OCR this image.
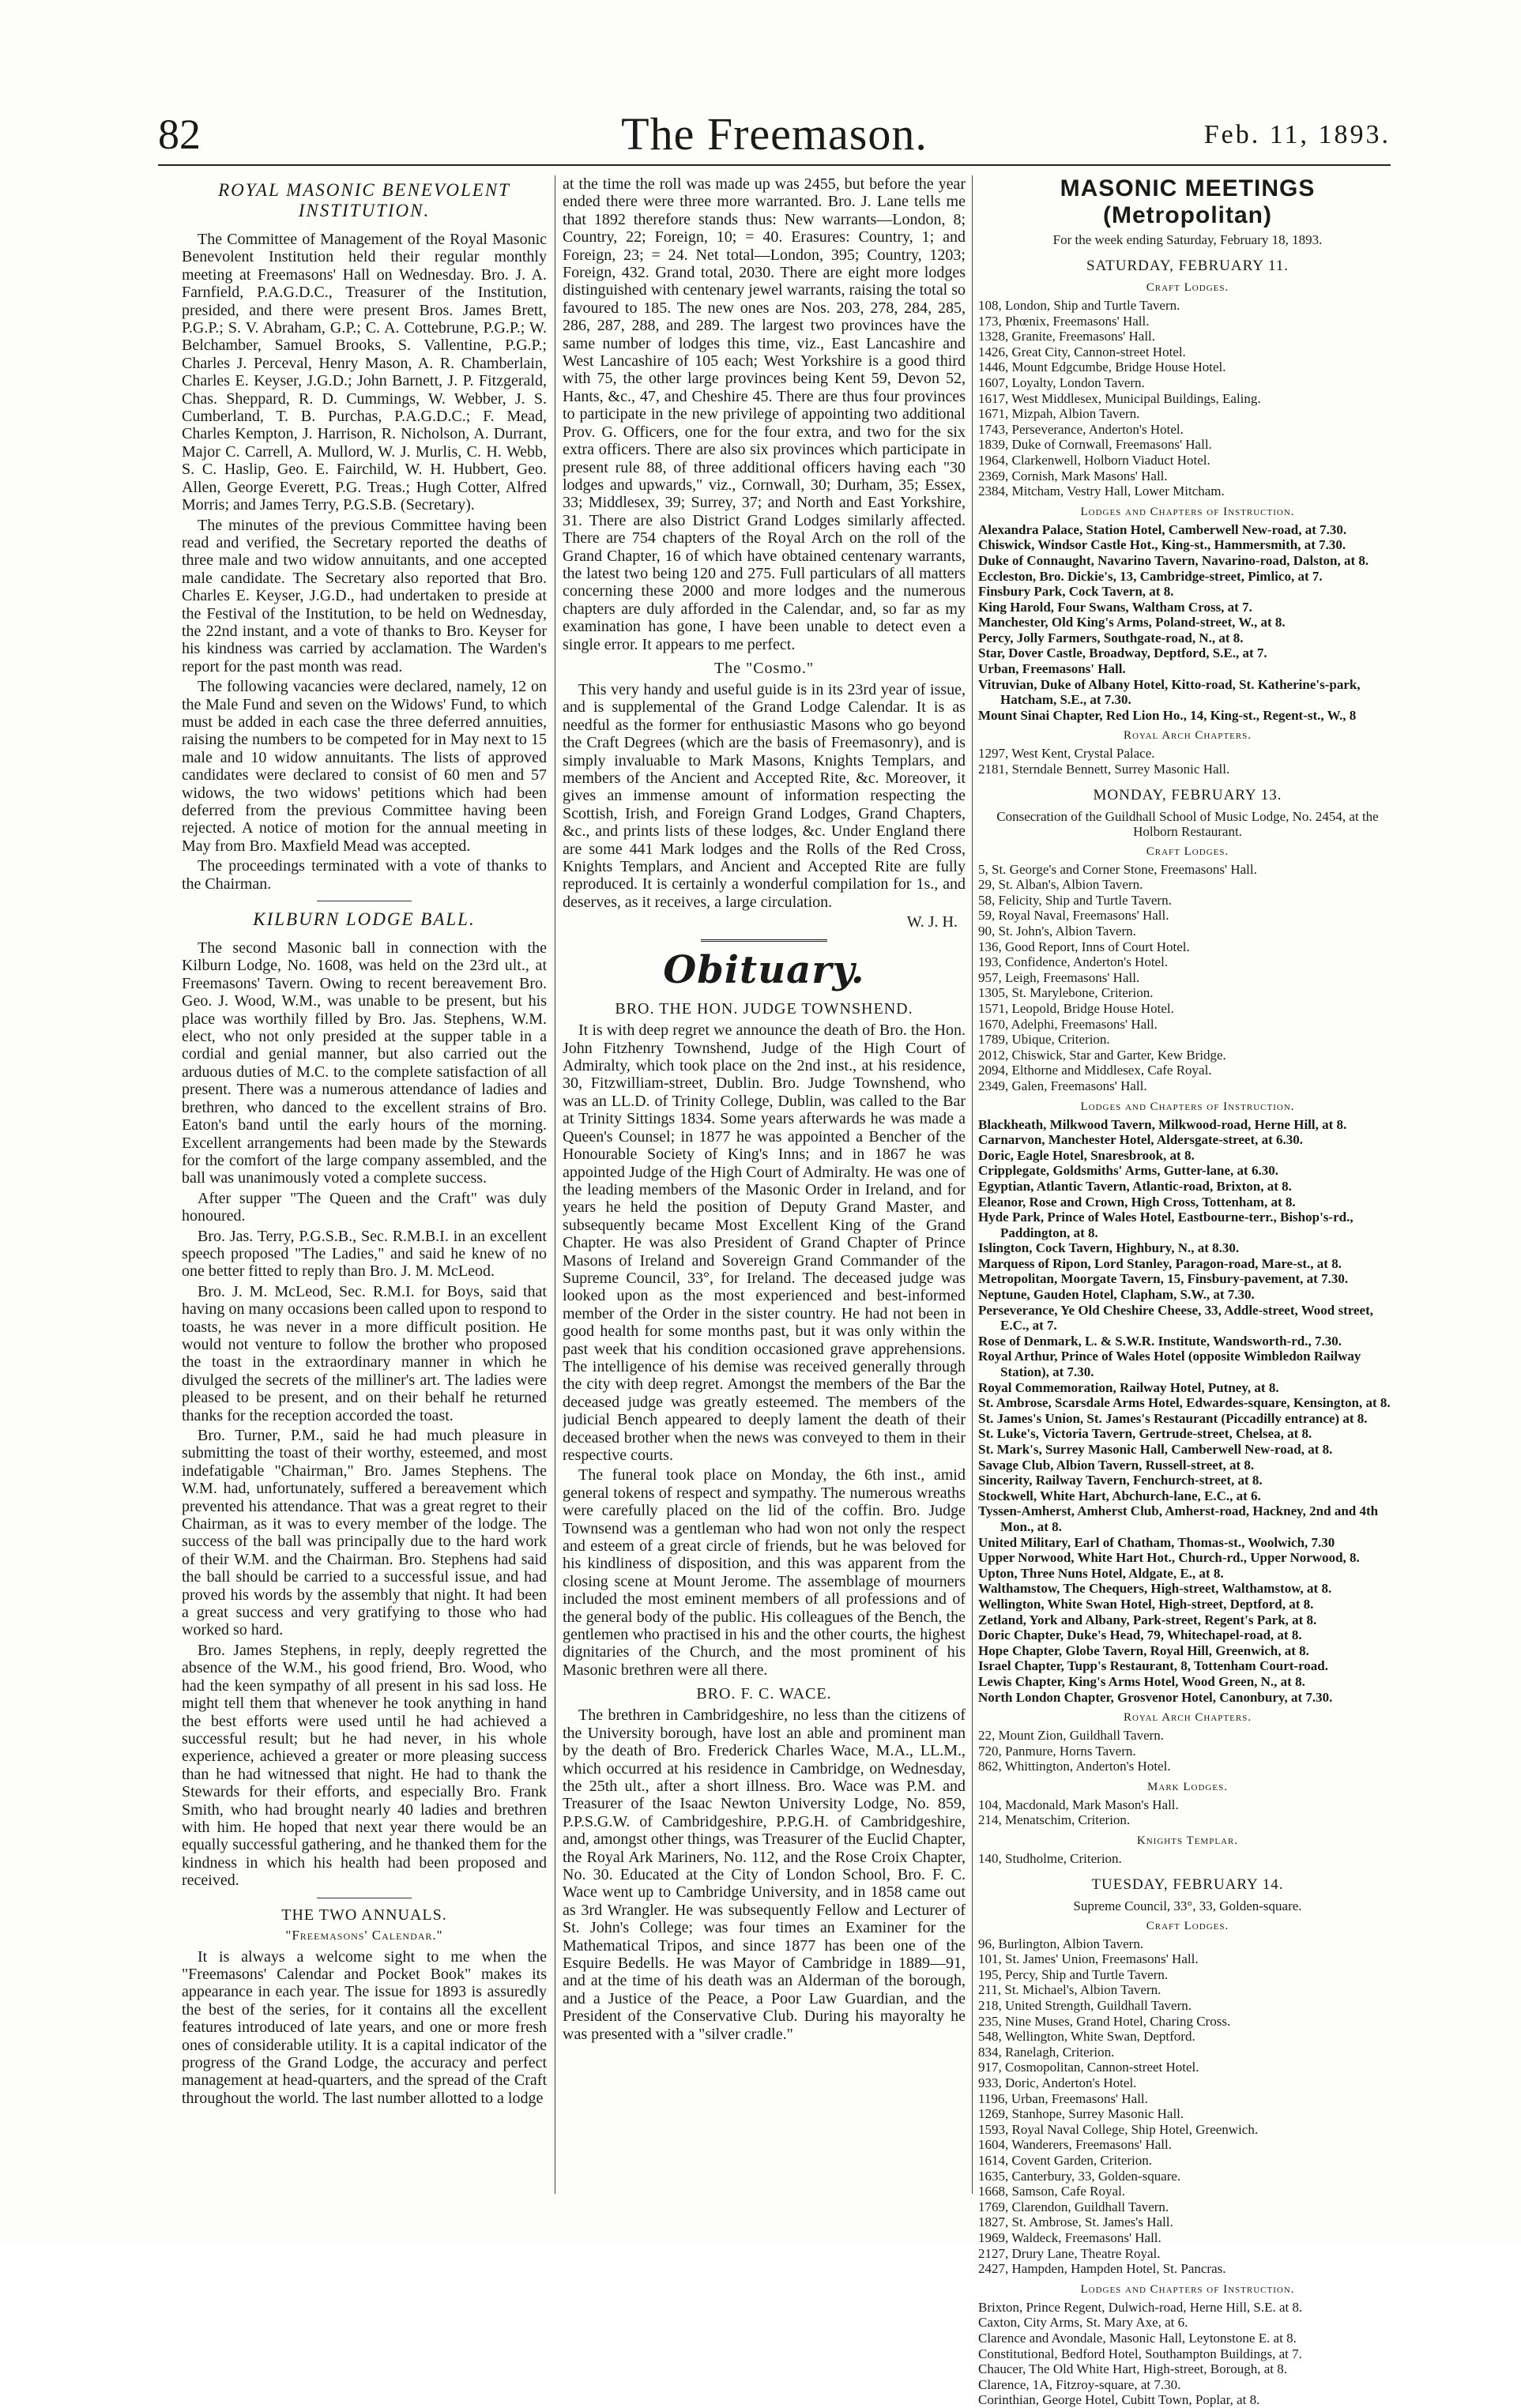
The Freemason.
82	Feb. 11, 1893.
ROYAL MASONIC BENEVOLENT INSTITUTION.

The Committee of Management of the Royal Masonic Benevolent Institution held their regular monthly meeting at Freemasons' Hall on Wednesday. Bro. J. A. Farnfield, P.A.G.D.C., Treasurer of the Institution, presided, and there were present Bros. James Brett, P.G.P.; S. V. Abraham, G.P.; C. A. Cottebrune, P.G.P.; W. Belchamber, Samuel Brooks, S. Vallentine, P.G.P.; Charles J. Perceval, Henry Mason, A. R. Chamberlain, Charles E. Keyser, J.G.D.; John Barnett, J. P. Fitzgerald, Chas. Sheppard, R. D. Cummings, W. Webber, J. S. Cumberland, T. B. Purchas, P.A.G.D.C.; F. Mead, Charles Kempton, J. Harrison, R. Nicholson, A. Durrant, Major C. Carrell, A. Mullord, W. J. Murlis, C. H. Webb, S. C. Haslip, Geo. E. Fairchild, W. H. Hubbert, Geo. Allen, George Everett, P.G. Treas.; Hugh Cotter, Alfred Morris; and James Terry, P.G.S.B. (Secretary).

The minutes of the previous Committee having been read and verified, the Secretary reported the deaths of three male and two widow annuitants, and one accepted male candidate. The Secretary also reported that Bro. Charles E. Keyser, J.G.D., had undertaken to preside at the Festival of the Institution, to be held on Wednesday, the 22nd instant, and a vote of thanks to Bro. Keyser for his kindness was carried by acclamation. The Warden's report for the past month was read.

The following vacancies were declared, namely, 12 on the Male Fund and seven on the Widows' Fund, to which must be added in each case the three deferred annuities, raising the numbers to be competed for in May next to 15 male and 10 widow annuitants. The lists of approved candidates were declared to consist of 60 men and 57 widows, the two widows' petitions which had been deferred from the previous Committee having been rejected. A notice of motion for the annual meeting in May from Bro. Maxfield Mead was accepted.

The proceedings terminated with a vote of thanks to the Chairman.

KILBURN LODGE BALL.

The second Masonic ball in connection with the Kilburn Lodge, No. 1608, was held on the 23rd ult., at Freemasons' Tavern. Owing to recent bereavement Bro. Geo. J. Wood, W.M., was unable to be present, but his place was worthily filled by Bro. Jas. Stephens, W.M. elect, who not only presided at the supper table in a cordial and genial manner, but also carried out the arduous duties of M.C. to the complete satisfaction of all present. There was a numerous attendance of ladies and brethren, who danced to the excellent strains of Bro. Eaton's band until the early hours of the morning. Excellent arrangements had been made by the Stewards for the comfort of the large company assembled, and the ball was unanimously voted a complete success.

After supper "The Queen and the Craft" was duly honoured.

Bro. Jas. Terry, P.G.S.B., Sec. R.M.B.I. in an excellent speech proposed "The Ladies," and said he knew of no one better fitted to reply than Bro. J. M. McLeod.

Bro. J. M. McLeod, Sec. R.M.I. for Boys, said that having on many occasions been called upon to respond to toasts, he was never in a more difficult position. He would not venture to follow the brother who proposed the toast in the extraordinary manner in which he divulged the secrets of the milliner's art. The ladies were pleased to be present, and on their behalf he returned thanks for the reception accorded the toast.

Bro. Turner, P.M., said he had much pleasure in submitting the toast of their worthy, esteemed, and most indefatigable "Chairman," Bro. James Stephens. The W.M. had, unfortunately, suffered a bereavement which prevented his attendance. That was a great regret to their Chairman, as it was to every member of the lodge. The success of the ball was principally due to the hard work of their W.M. and the Chairman. Bro. Stephens had said the ball should be carried to a successful issue, and had proved his words by the assembly that night. It had been a great success and very gratifying to those who had worked so hard.

Bro. James Stephens, in reply, deeply regretted the absence of the W.M., his good friend, Bro. Wood, who had the keen sympathy of all present in his sad loss. He might tell them that whenever he took anything in hand the best efforts were used until he had achieved a successful result; but he had never, in his whole experience, achieved a greater or more pleasing success than he had witnessed that night. He had to thank the Stewards for their efforts, and especially Bro. Frank Smith, who had brought nearly 40 ladies and brethren with him. He hoped that next year there would be an equally successful gathering, and he thanked them for the kindness in which his health had been proposed and received.

THE TWO ANNUALS.
"Freemasons' Calendar."

It is always a welcome sight to me when the "Freemasons' Calendar and Pocket Book" makes its appearance in each year. The issue for 1893 is assuredly the best of the series, for it contains all the excellent features introduced of late years, and one or more fresh ones of considerable utility. It is a capital indicator of the progress of the Grand Lodge, the accuracy and perfect management at head-quarters, and the spread of the Craft throughout the world. The last number allotted to a lodge

at the time the roll was made up was 2455, but before the year ended there were three more warranted. Bro. J. Lane tells me that 1892 therefore stands thus: New warrants—London, 8; Country, 22; Foreign, 10; = 40. Erasures: Country, 1; and Foreign, 23; = 24. Net total—London, 395; Country, 1203; Foreign, 432. Grand total, 2030. There are eight more lodges distinguished with centenary jewel warrants, raising the total so favoured to 185. The new ones are Nos. 203, 278, 284, 285, 286, 287, 288, and 289. The largest two provinces have the same number of lodges this time, viz., East Lancashire and West Lancashire of 105 each; West Yorkshire is a good third with 75, the other large provinces being Kent 59, Devon 52, Hants, &c., 47, and Cheshire 45. There are thus four provinces to participate in the new privilege of appointing two additional Prov. G. Officers, one for the four extra, and two for the six extra officers. There are also six provinces which participate in present rule 88, of three additional officers having each "30 lodges and upwards," viz., Cornwall, 30; Durham, 35; Essex, 33; Middlesex, 39; Surrey, 37; and North and East Yorkshire, 31. There are also District Grand Lodges similarly affected. There are 754 chapters of the Royal Arch on the roll of the Grand Chapter, 16 of which have obtained centenary warrants, the latest two being 120 and 275. Full particulars of all matters concerning these 2000 and more lodges and the numerous chapters are duly afforded in the Calendar, and, so far as my examination has gone, I have been unable to detect even a single error. It appears to me perfect.

The "Cosmo."

This very handy and useful guide is in its 23rd year of issue, and is supplemental of the Grand Lodge Calendar. It is as needful as the former for enthusiastic Masons who go beyond the Craft Degrees (which are the basis of Freemasonry), and is simply invaluable to Mark Masons, Knights Templars, and members of the Ancient and Accepted Rite, &c. Moreover, it gives an immense amount of information respecting the Scottish, Irish, and Foreign Grand Lodges, Grand Chapters, &c., and prints lists of these lodges, &c. Under England there are some 441 Mark lodges and the Rolls of the Red Cross, Knights Templars, and Ancient and Accepted Rite are fully reproduced. It is certainly a wonderful compilation for 1s., and deserves, as it receives, a large circulation.

W. J. H.
Obituary.
BRO. THE HON. JUDGE TOWNSHEND.

It is with deep regret we announce the death of Bro. the Hon. John Fitzhenry Townshend, Judge of the High Court of Admiralty, which took place on the 2nd inst., at his residence, 30, Fitzwilliam-street, Dublin. Bro. Judge Townshend, who was an LL.D. of Trinity College, Dublin, was called to the Bar at Trinity Sittings 1834. Some years afterwards he was made a Queen's Counsel; in 1877 he was appointed a Bencher of the Honourable Society of King's Inns; and in 1867 he was appointed Judge of the High Court of Admiralty. He was one of the leading members of the Masonic Order in Ireland, and for years he held the position of Deputy Grand Master, and subsequently became Most Excellent King of the Grand Chapter. He was also President of Grand Chapter of Prince Masons of Ireland and Sovereign Grand Commander of the Supreme Council, 33°, for Ireland. The deceased judge was looked upon as the most experienced and best-informed member of the Order in the sister country. He had not been in good health for some months past, but it was only within the past week that his condition occasioned grave apprehensions. The intelligence of his demise was received generally through the city with deep regret. Amongst the members of the Bar the deceased judge was greatly esteemed. The members of the judicial Bench appeared to deeply lament the death of their deceased brother when the news was conveyed to them in their respective courts.

The funeral took place on Monday, the 6th inst., amid general tokens of respect and sympathy. The numerous wreaths were carefully placed on the lid of the coffin. Bro. Judge Townsend was a gentleman who had won not only the respect and esteem of a great circle of friends, but he was beloved for his kindliness of disposition, and this was apparent from the closing scene at Mount Jerome. The assemblage of mourners included the most eminent members of all professions and of the general body of the public. His colleagues of the Bench, the gentlemen who practised in his and the other courts, the highest dignitaries of the Church, and the most prominent of his Masonic brethren were all there.

BRO. F. C. WACE.

The brethren in Cambridgeshire, no less than the citizens of the University borough, have lost an able and prominent man by the death of Bro. Frederick Charles Wace, M.A., LL.M., which occurred at his residence in Cambridge, on Wednesday, the 25th ult., after a short illness. Bro. Wace was P.M. and Treasurer of the Isaac Newton University Lodge, No. 859, P.P.S.G.W. of Cambridgeshire, P.P.G.H. of Cambridgeshire, and, amongst other things, was Treasurer of the Euclid Chapter, the Royal Ark Mariners, No. 112, and the Rose Croix Chapter, No. 30. Educated at the City of London School, Bro. F. C. Wace went up to Cambridge University, and in 1858 came out as 3rd Wrangler. He was subsequently Fellow and Lecturer of St. John's College; was four times an Examiner for the Mathematical Tripos, and since 1877 has been one of the Esquire Bedells. He was Mayor of Cambridge in 1889—91, and at the time of his death was an Alderman of the borough, and a Justice of the Peace, a Poor Law Guardian, and the President of the Conservative Club. During his mayoralty he was presented with a "silver cradle."

MASONIC MEETINGS (Metropolitan)
For the week ending Saturday, February 18, 1893.
SATURDAY, FEBRUARY 11.
Craft Lodges.
108, London, Ship and Turtle Tavern.
173, Phœnix, Freemasons' Hall.
1328, Granite, Freemasons' Hall.
1426, Great City, Cannon-street Hotel.
1446, Mount Edgcumbe, Bridge House Hotel.
1607, Loyalty, London Tavern.
1617, West Middlesex, Municipal Buildings, Ealing.
1671, Mizpah, Albion Tavern.
1743, Perseverance, Anderton's Hotel.
1839, Duke of Cornwall, Freemasons' Hall.
1964, Clarkenwell, Holborn Viaduct Hotel.
2369, Cornish, Mark Masons' Hall.
2384, Mitcham, Vestry Hall, Lower Mitcham.
Lodges and Chapters of Instruction.
Alexandra Palace, Station Hotel, Camberwell New-road, at 7.30.
Chiswick, Windsor Castle Hot., King-st., Hammersmith, at 7.30.
Duke of Connaught, Navarino Tavern, Navarino-road, Dalston, at 8.
Eccleston, Bro. Dickie's, 13, Cambridge-street, Pimlico, at 7.
Finsbury Park, Cock Tavern, at 8.
King Harold, Four Swans, Waltham Cross, at 7.
Manchester, Old King's Arms, Poland-street, W., at 8.
Percy, Jolly Farmers, Southgate-road, N., at 8.
Star, Dover Castle, Broadway, Deptford, S.E., at 7.
Urban, Freemasons' Hall.
Vitruvian, Duke of Albany Hotel, Kitto-road, St. Katherine's-park, Hatcham, S.E., at 7.30.
Mount Sinai Chapter, Red Lion Ho., 14, King-st., Regent-st., W., 8
Royal Arch Chapters.
1297, West Kent, Crystal Palace.
2181, Sterndale Bennett, Surrey Masonic Hall.
MONDAY, FEBRUARY 13.
Consecration of the Guildhall School of Music Lodge, No. 2454, at the Holborn Restaurant.
Craft Lodges.
5, St. George's and Corner Stone, Freemasons' Hall.
29, St. Alban's, Albion Tavern.
58, Felicity, Ship and Turtle Tavern.
59, Royal Naval, Freemasons' Hall.
90, St. John's, Albion Tavern.
136, Good Report, Inns of Court Hotel.
193, Confidence, Anderton's Hotel.
957, Leigh, Freemasons' Hall.
1305, St. Marylebone, Criterion.
1571, Leopold, Bridge House Hotel.
1670, Adelphi, Freemasons' Hall.
1789, Ubique, Criterion.
2012, Chiswick, Star and Garter, Kew Bridge.
2094, Elthorne and Middlesex, Cafe Royal.
2349, Galen, Freemasons' Hall.
Lodges and Chapters of Instruction.
Blackheath, Milkwood Tavern, Milkwood-road, Herne Hill, at 8.
Carnarvon, Manchester Hotel, Aldersgate-street, at 6.30.
Doric, Eagle Hotel, Snaresbrook, at 8.
Cripplegate, Goldsmiths' Arms, Gutter-lane, at 6.30.
Egyptian, Atlantic Tavern, Atlantic-road, Brixton, at 8.
Eleanor, Rose and Crown, High Cross, Tottenham, at 8.
Hyde Park, Prince of Wales Hotel, Eastbourne-terr., Bishop's-rd., Paddington, at 8.
Islington, Cock Tavern, Highbury, N., at 8.30.
Marquess of Ripon, Lord Stanley, Paragon-road, Mare-st., at 8.
Metropolitan, Moorgate Tavern, 15, Finsbury-pavement, at 7.30.
Neptune, Gauden Hotel, Clapham, S.W., at 7.30.
Perseverance, Ye Old Cheshire Cheese, 33, Addle-street, Wood street, E.C., at 7.
Rose of Denmark, L. & S.W.R. Institute, Wandsworth-rd., 7.30.
Royal Arthur, Prince of Wales Hotel (opposite Wimbledon Railway Station), at 7.30.
Royal Commemoration, Railway Hotel, Putney, at 8.
St. Ambrose, Scarsdale Arms Hotel, Edwardes-square, Kensington, at 8.
St. James's Union, St. James's Restaurant (Piccadilly entrance) at 8.
St. Luke's, Victoria Tavern, Gertrude-street, Chelsea, at 8.
St. Mark's, Surrey Masonic Hall, Camberwell New-road, at 8.
Savage Club, Albion Tavern, Russell-street, at 8.
Sincerity, Railway Tavern, Fenchurch-street, at 8.
Stockwell, White Hart, Abchurch-lane, E.C., at 6.
Tyssen-Amherst, Amherst Club, Amherst-road, Hackney, 2nd and 4th Mon., at 8.
United Military, Earl of Chatham, Thomas-st., Woolwich, 7.30
Upper Norwood, White Hart Hot., Church-rd., Upper Norwood, 8.
Upton, Three Nuns Hotel, Aldgate, E., at 8.
Walthamstow, The Chequers, High-street, Walthamstow, at 8.
Wellington, White Swan Hotel, High-street, Deptford, at 8.
Zetland, York and Albany, Park-street, Regent's Park, at 8.
Doric Chapter, Duke's Head, 79, Whitechapel-road, at 8.
Hope Chapter, Globe Tavern, Royal Hill, Greenwich, at 8.
Israel Chapter, Tupp's Restaurant, 8, Tottenham Court-road.
Lewis Chapter, King's Arms Hotel, Wood Green, N., at 8.
North London Chapter, Grosvenor Hotel, Canonbury, at 7.30.
Royal Arch Chapters.
22, Mount Zion, Guildhall Tavern.
720, Panmure, Horns Tavern.
862, Whittington, Anderton's Hotel.
Mark Lodges.
104, Macdonald, Mark Mason's Hall.
214, Menatschim, Criterion.
Knights Templar.
140, Studholme, Criterion.
TUESDAY, FEBRUARY 14.
Supreme Council, 33°, 33, Golden-square.
Craft Lodges.
96, Burlington, Albion Tavern.
101, St. James' Union, Freemasons' Hall.
195, Percy, Ship and Turtle Tavern.
211, St. Michael's, Albion Tavern.
218, United Strength, Guildhall Tavern.
235, Nine Muses, Grand Hotel, Charing Cross.
548, Wellington, White Swan, Deptford.
834, Ranelagh, Criterion.
917, Cosmopolitan, Cannon-street Hotel.
933, Doric, Anderton's Hotel.
1196, Urban, Freemasons' Hall.
1269, Stanhope, Surrey Masonic Hall.
1593, Royal Naval College, Ship Hotel, Greenwich.
1604, Wanderers, Freemasons' Hall.
1614, Covent Garden, Criterion.
1635, Canterbury, 33, Golden-square.
1668, Samson, Cafe Royal.
1769, Clarendon, Guildhall Tavern.
1827, St. Ambrose, St. James's Hall.
1969, Waldeck, Freemasons' Hall.
2127, Drury Lane, Theatre Royal.
2427, Hampden, Hampden Hotel, St. Pancras.
Lodges and Chapters of Instruction.
Brixton, Prince Regent, Dulwich-road, Herne Hill, S.E. at 8.
Caxton, City Arms, St. Mary Axe, at 6.
Clarence and Avondale, Masonic Hall, Leytonstone E. at 8.
Constitutional, Bedford Hotel, Southampton Buildings, at 7.
Chaucer, The Old White Hart, High-street, Borough, at 8.
Clarence, 1A, Fitzroy-square, at 7.30.
Corinthian, George Hotel, Cubitt Town, Poplar, at 8.
